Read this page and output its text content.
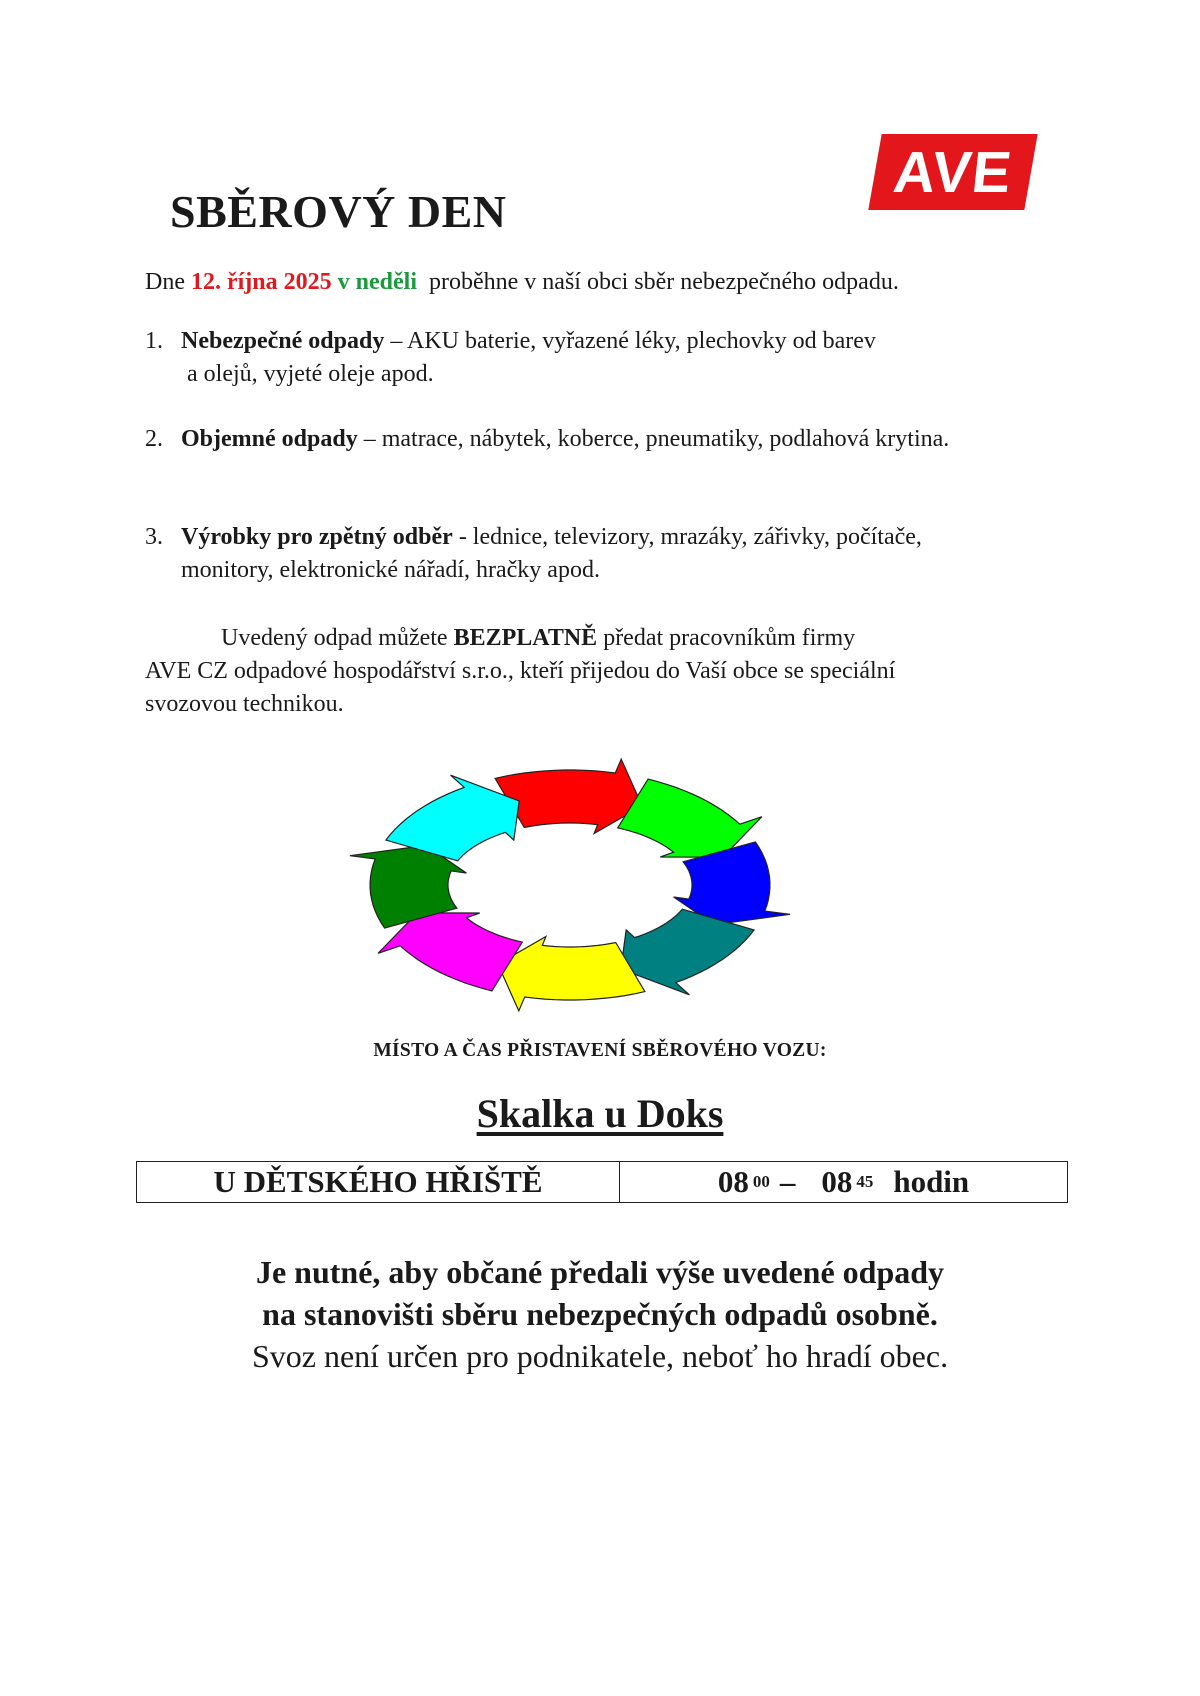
AVE
SBĚROVÝ DEN
Dne 12. října 2025 v neděli  proběhne v naší obci sběr nebezpečného odpadu.
1. Nebezpečné odpady – AKU baterie, vyřazené léky, plechovky od barev
a olejů, vyjeté oleje apod.
2. Objemné odpady – matrace, nábytek, koberce, pneumatiky, podlahová krytina.
3. Výrobky pro zpětný odběr - lednice, televizory, mrazáky, zářivky, počítače,
monitory, elektronické nářadí, hračky apod.
Uvedený odpad můžete BEZPLATNĚ předat pracovníkům firmy
AVE CZ odpadové hospodářství s.r.o., kteří přijedou do Vaší obce se speciální
svozovou technikou.
MÍSTO A ČAS PŘISTAVENÍ SBĚROVÉHO VOZU:
Skalka u Doks
U DĚTSKÉHO HŘIŠTĚ	08 00 – 08 45 hodin
Je nutné, aby občané předali výše uvedené odpady
na stanovišti sběru nebezpečných odpadů osobně.
Svoz není určen pro podnikatele, neboť ho hradí obec.
